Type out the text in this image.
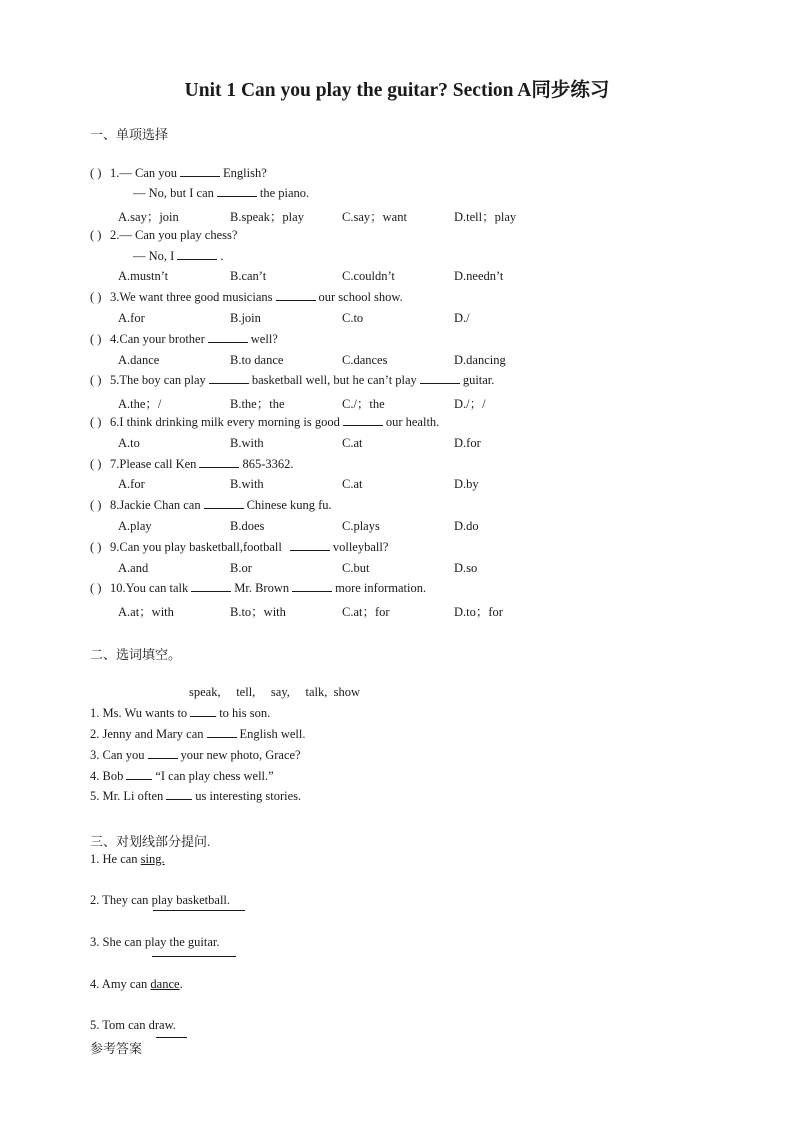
Unit 1 Can you play the guitar? Section A同步练习
一、单项选择
( ) 1.— Can you	English?
— No, but I can	the piano.
A.say；join	B.speak；play	C.say；want	D.tell；play
( ) 2.— Can you play chess?
— No, I	.
A.mustn’t	B.can’t	C.couldn’t	D.needn’t
( ) 3.We want three good musicians	our school show.
A.for	B.join	C.to	D./
( ) 4.Can your brother	well?
A.dance	B.to dance	C.dances	D.dancing
( ) 5.The boy can play	basketball well, but he can’t play	guitar.
A.the；/	B.the；the	C./；the	D./；/
( ) 6.I think drinking milk every morning is good	our health.
A.to	B.with	C.at	D.for
( ) 7.Please call Ken	865-3362.
A.for	B.with	C.at	D.by
( ) 8.Jackie Chan can	Chinese kung fu.
A.play	B.does	C.plays	D.do
( ) 9.Can you play basketball,football	volleyball?
A.and	B.or	C.but	D.so
( ) 10.You can talk	Mr. Brown	more information.
A.at；with	B.to；with	C.at；for	D.to；for
二、选词填空。
speak,     tell,     say,     talk,  show
1. Ms. Wu wants to	to his son.
2. Jenny and Mary can	English well.
3. Can you	your new photo, Grace?
4. Bob	“I can play chess well.”
5. Mr. Li often	us interesting stories.
三、对划线部分提问.
1. He can sing.
2. They can play basketball.
3. She can play the guitar.
4. Amy can dance.
5. Tom can draw.
参考答案
